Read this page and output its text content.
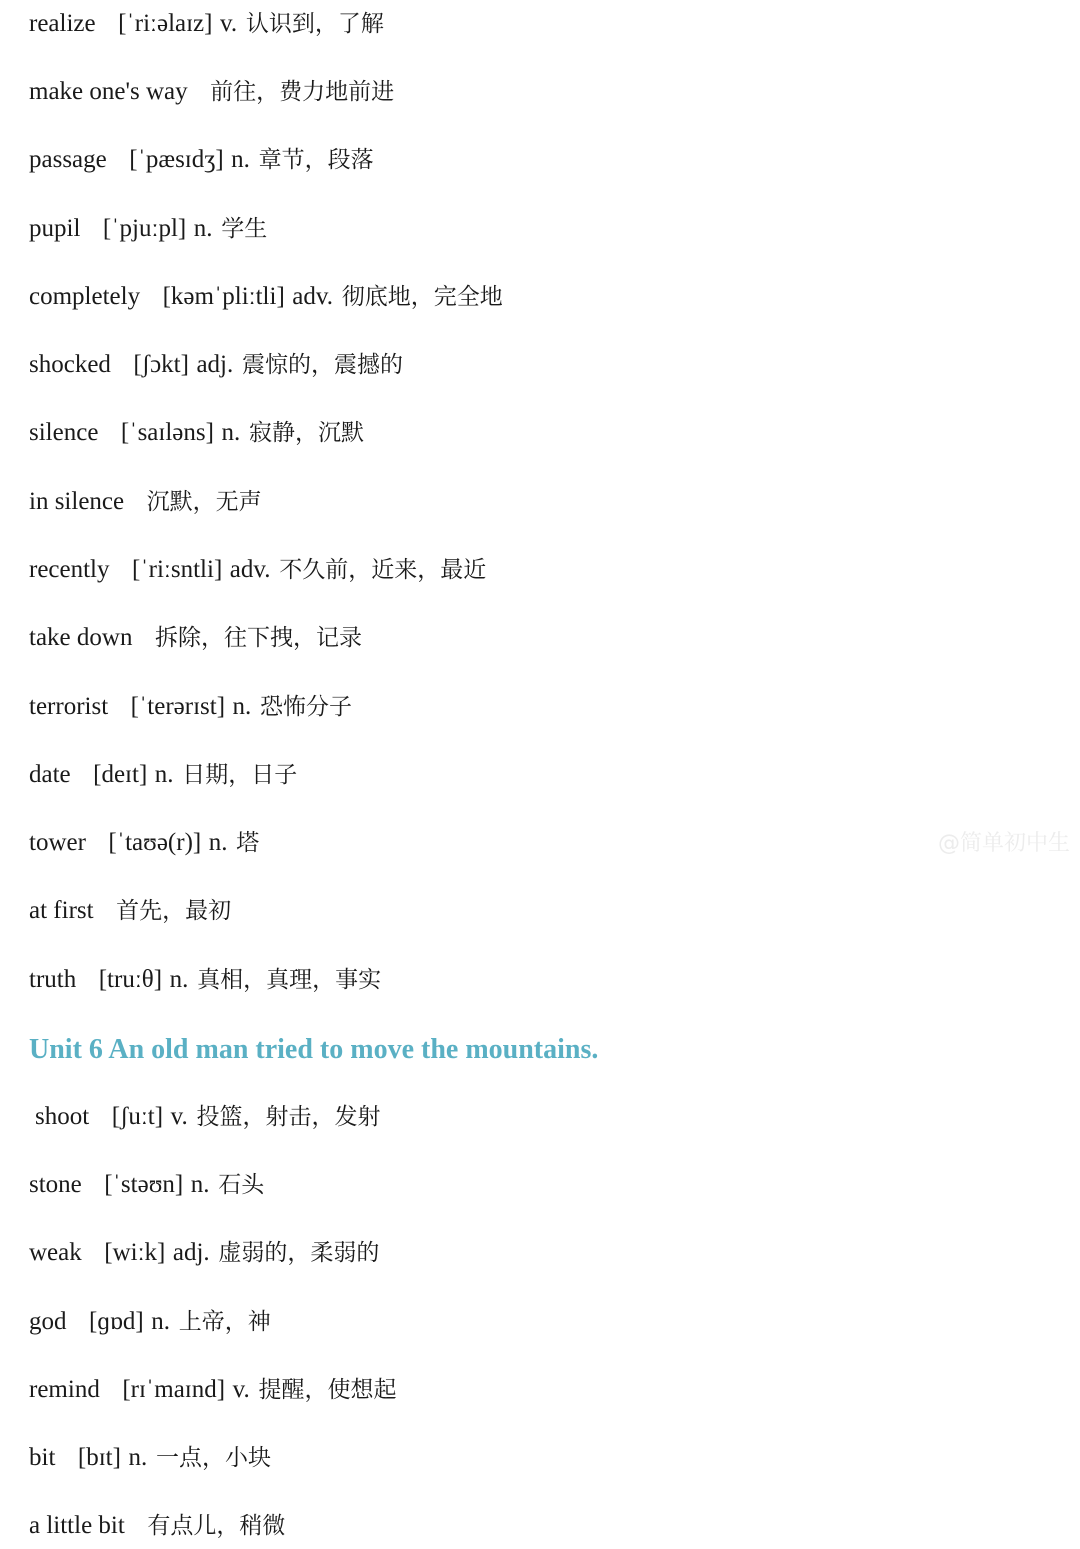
realize [ˈriːəlaɪz] v. 认识到，了解
make one's way 前往，费力地前进
passage [ˈpæsɪdʒ] n. 章节，段落
pupil [ˈpjuːpl] n. 学生
completely [kəmˈpliːtli] adv. 彻底地，完全地
shocked [ʃɔkt] adj. 震惊的，震撼的
silence [ˈsaɪləns] n. 寂静，沉默
in silence 沉默，无声
recently [ˈriːsntli] adv. 不久前，近来，最近
take down 拆除，往下拽，记录
terrorist [ˈterərɪst] n. 恐怖分子
date [deɪt] n. 日期，日子
tower [ˈtaʊə(r)] n. 塔
at first 首先，最初
truth [truːθ] n. 真相，真理，事实
Unit 6 An old man tried to move the mountains.
shoot [ʃuːt] v. 投篮，射击，发射
stone [ˈstəʊn] n. 石头
weak [wiːk] adj. 虚弱的，柔弱的
god [ɡɒd] n. 上帝，神
remind [rɪˈmaɪnd] v. 提醒，使想起
bit [bɪt] n. 一点，小块
a little bit 有点儿，稍微
@简单初中生
